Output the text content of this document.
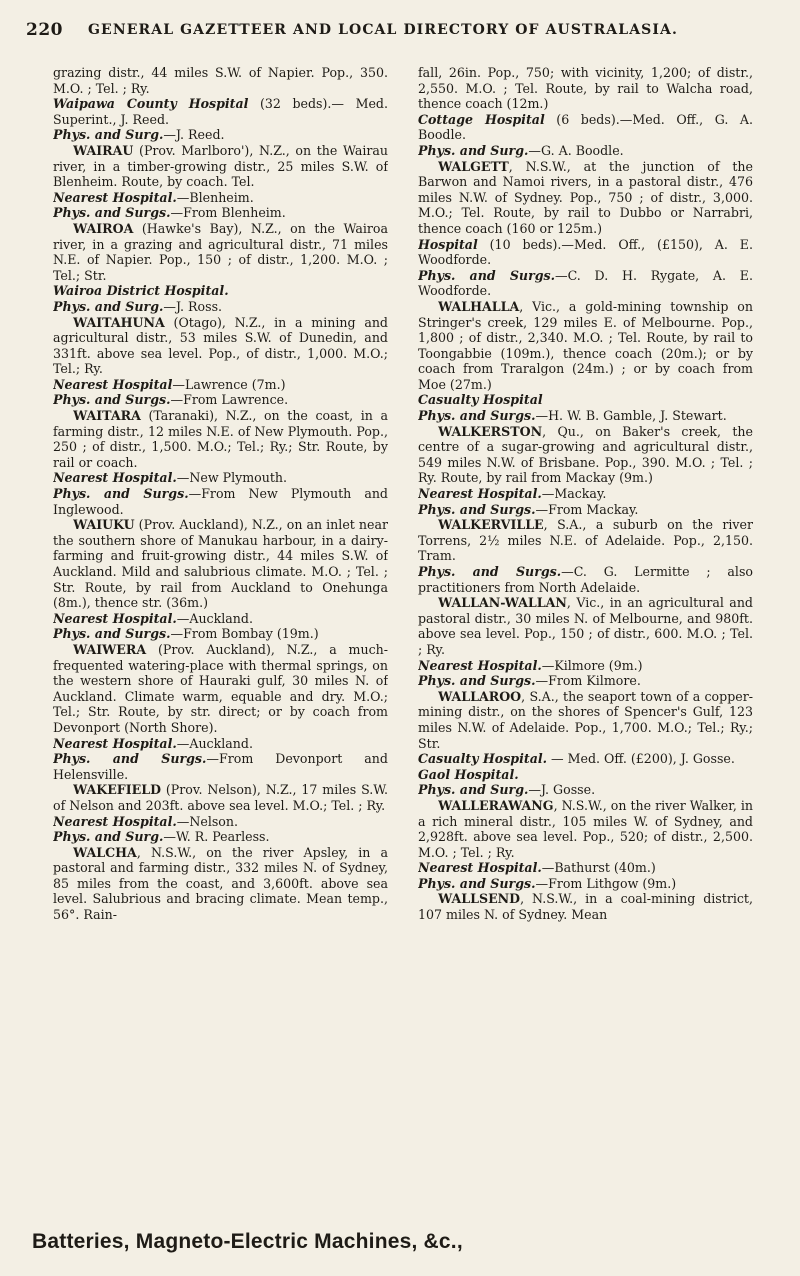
220 GENERAL GAZETTEER AND LOCAL DIRECTORY OF AUSTRALASIA.

grazing distr., 44 miles S.W. of Napier. Pop., 350. M.O. ; Tel. ; Ry.

Waipawa County Hospital (32 beds).— Med. Superint., J. Reed.

Phys. and Surg.—J. Reed.

WAIRAU (Prov. Marlboro'), N.Z., on the Wairau river, in a timber-growing distr., 25 miles S.W. of Blenheim. Route, by coach. Tel.

Nearest Hospital.—Blenheim.

Phys. and Surgs.—From Blenheim.

WAIROA (Hawke's Bay), N.Z., on the Wairoa river, in a grazing and agricultural distr., 71 miles N.E. of Napier. Pop., 150 ; of distr., 1,200. M.O. ; Tel.; Str.

Wairoa District Hospital.

Phys. and Surg.—J. Ross.

WAITAHUNA (Otago), N.Z., in a mining and agricultural distr., 53 miles S.W. of Dunedin, and 331ft. above sea level. Pop., of distr., 1,000. M.O.; Tel.; Ry.

Nearest Hospital—Lawrence (7m.)

Phys. and Surgs.—From Lawrence.

WAITARA (Taranaki), N.Z., on the coast, in a farming distr., 12 miles N.E. of New Plymouth. Pop., 250 ; of distr., 1,500. M.O.; Tel.; Ry.; Str. Route, by rail or coach.

Nearest Hospital.—New Plymouth.

Phys. and Surgs.—From New Plymouth and Inglewood.

WAIUKU (Prov. Auckland), N.Z., on an inlet near the southern shore of Manukau harbour, in a dairy-farming and fruit-growing distr., 44 miles S.W. of Auckland. Mild and salubrious climate. M.O. ; Tel. ; Str. Route, by rail from Auckland to Onehunga (8m.), thence str. (36m.)

Nearest Hospital.—Auckland.

Phys. and Surgs.—From Bombay (19m.)

WAIWERA (Prov. Auckland), N.Z., a much-frequented watering-place with thermal springs, on the western shore of Hauraki gulf, 30 miles N. of Auckland. Climate warm, equable and dry. M.O.; Tel.; Str. Route, by str. direct; or by coach from Devonport (North Shore).

Nearest Hospital.—Auckland.

Phys. and Surgs.—From Devonport and Helensville.

WAKEFIELD (Prov. Nelson), N.Z., 17 miles S.W. of Nelson and 203ft. above sea level. M.O.; Tel. ; Ry.

Nearest Hospital.—Nelson.

Phys. and Surg.—W. R. Pearless.

WALCHA, N.S.W., on the river Apsley, in a pastoral and farming distr., 332 miles N. of Sydney, 85 miles from the coast, and 3,600ft. above sea level. Salubrious and bracing climate. Mean temp., 56°. Rain-

fall, 26in. Pop., 750; with vicinity, 1,200; of distr., 2,550. M.O. ; Tel. Route, by rail to Walcha road, thence coach (12m.)

Cottage Hospital (6 beds).—Med. Off., G. A. Boodle.

Phys. and Surg.—G. A. Boodle.

WALGETT, N.S.W., at the junction of the Barwon and Namoi rivers, in a pastoral distr., 476 miles N.W. of Sydney. Pop., 750 ; of distr., 3,000. M.O.; Tel. Route, by rail to Dubbo or Narrabri, thence coach (160 or 125m.)

Hospital (10 beds).—Med. Off., (£150), A. E. Woodforde.

Phys. and Surgs.—C. D. H. Rygate, A. E. Woodforde.

WALHALLA, Vic., a gold-mining township on Stringer's creek, 129 miles E. of Melbourne. Pop., 1,800 ; of distr., 2,340. M.O. ; Tel. Route, by rail to Toongabbie (109m.), thence coach (20m.); or by coach from Traralgon (24m.) ; or by coach from Moe (27m.)

Casualty Hospital

Phys. and Surgs.—H. W. B. Gamble, J. Stewart.

WALKERSTON, Qu., on Baker's creek, the centre of a sugar-growing and agricultural distr., 549 miles N.W. of Brisbane. Pop., 390. M.O. ; Tel. ; Ry. Route, by rail from Mackay (9m.)

Nearest Hospital.—Mackay.

Phys. and Surgs.—From Mackay.

WALKERVILLE, S.A., a suburb on the river Torrens, 2½ miles N.E. of Adelaide. Pop., 2,150. Tram.

Phys. and Surgs.—C. G. Lermitte ; also practitioners from North Adelaide.

WALLAN-WALLAN, Vic., in an agricultural and pastoral distr., 30 miles N. of Melbourne, and 980ft. above sea level. Pop., 150 ; of distr., 600. M.O. ; Tel. ; Ry.

Nearest Hospital.—Kilmore (9m.)

Phys. and Surgs.—From Kilmore.

WALLAROO, S.A., the seaport town of a copper-mining distr., on the shores of Spencer's Gulf, 123 miles N.W. of Adelaide. Pop., 1,700. M.O.; Tel.; Ry.; Str.

Casualty Hospital. — Med. Off. (£200), J. Gosse.

Gaol Hospital.

Phys. and Surg.—J. Gosse.

WALLERAWANG, N.S.W., on the river Walker, in a rich mineral distr., 105 miles W. of Sydney, and 2,928ft. above sea level. Pop., 520; of distr., 2,500. M.O. ; Tel. ; Ry.

Nearest Hospital.—Bathurst (40m.)

Phys. and Surgs.—From Lithgow (9m.)

WALLSEND, N.S.W., in a coal-mining district, 107 miles N. of Sydney. Mean

Batteries, Magneto-Electric Machines, &c.,
